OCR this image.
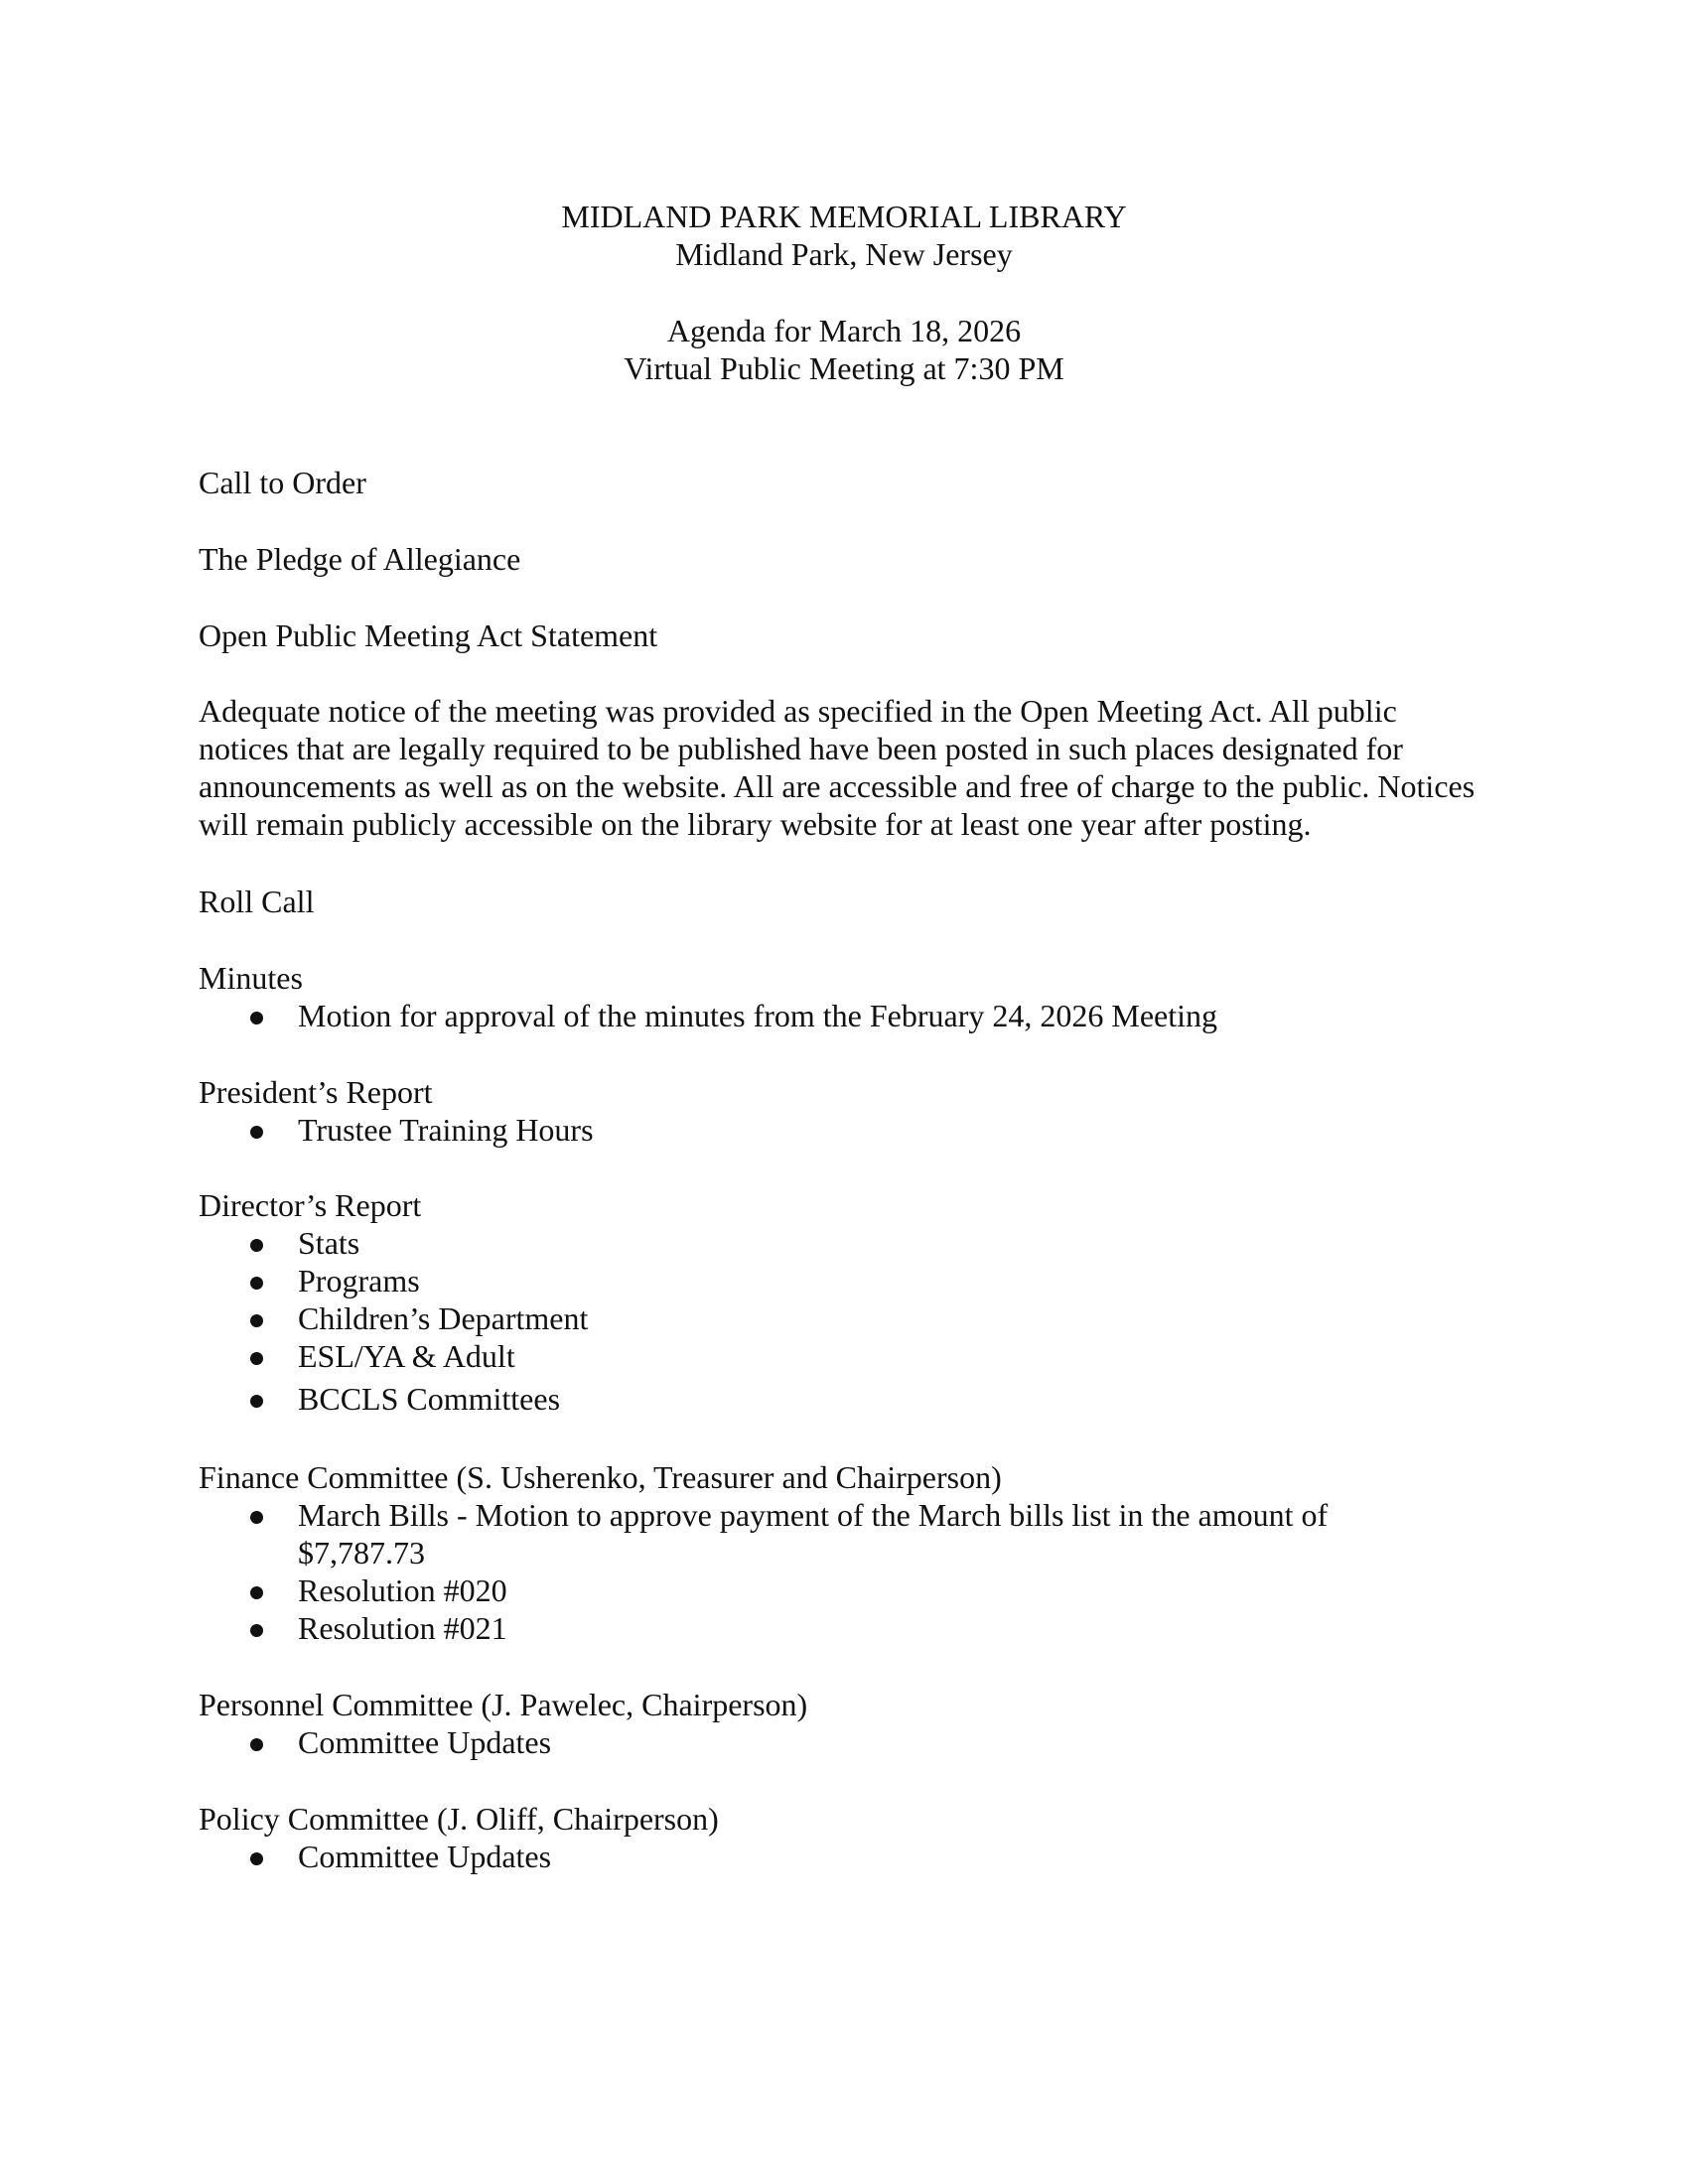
MIDLAND PARK MEMORIAL LIBRARY
Midland Park, New Jersey
Agenda for March 18, 2026
Virtual Public Meeting at 7:30 PM
Call to Order
The Pledge of Allegiance
Open Public Meeting Act Statement
Adequate notice of the meeting was provided as specified in the Open Meeting Act. All public notices that are legally required to be published have been posted in such places designated for announcements as well as on the website. All are accessible and free of charge to the public. Notices will remain publicly accessible on the library website for at least one year after posting.
Roll Call
Minutes
Motion for approval of the minutes from the February 24, 2026 Meeting
President’s Report
Trustee Training Hours
Director’s Report
Stats
Programs
Children’s Department
ESL/YA & Adult
BCCLS Committees
Finance Committee (S. Usherenko, Treasurer and Chairperson)
March Bills - Motion to approve payment of the March bills list in the amount of $7,787.73
Resolution #020
Resolution #021
Personnel Committee (J. Pawelec, Chairperson)
Committee Updates
Policy Committee (J. Oliff, Chairperson)
Committee Updates
